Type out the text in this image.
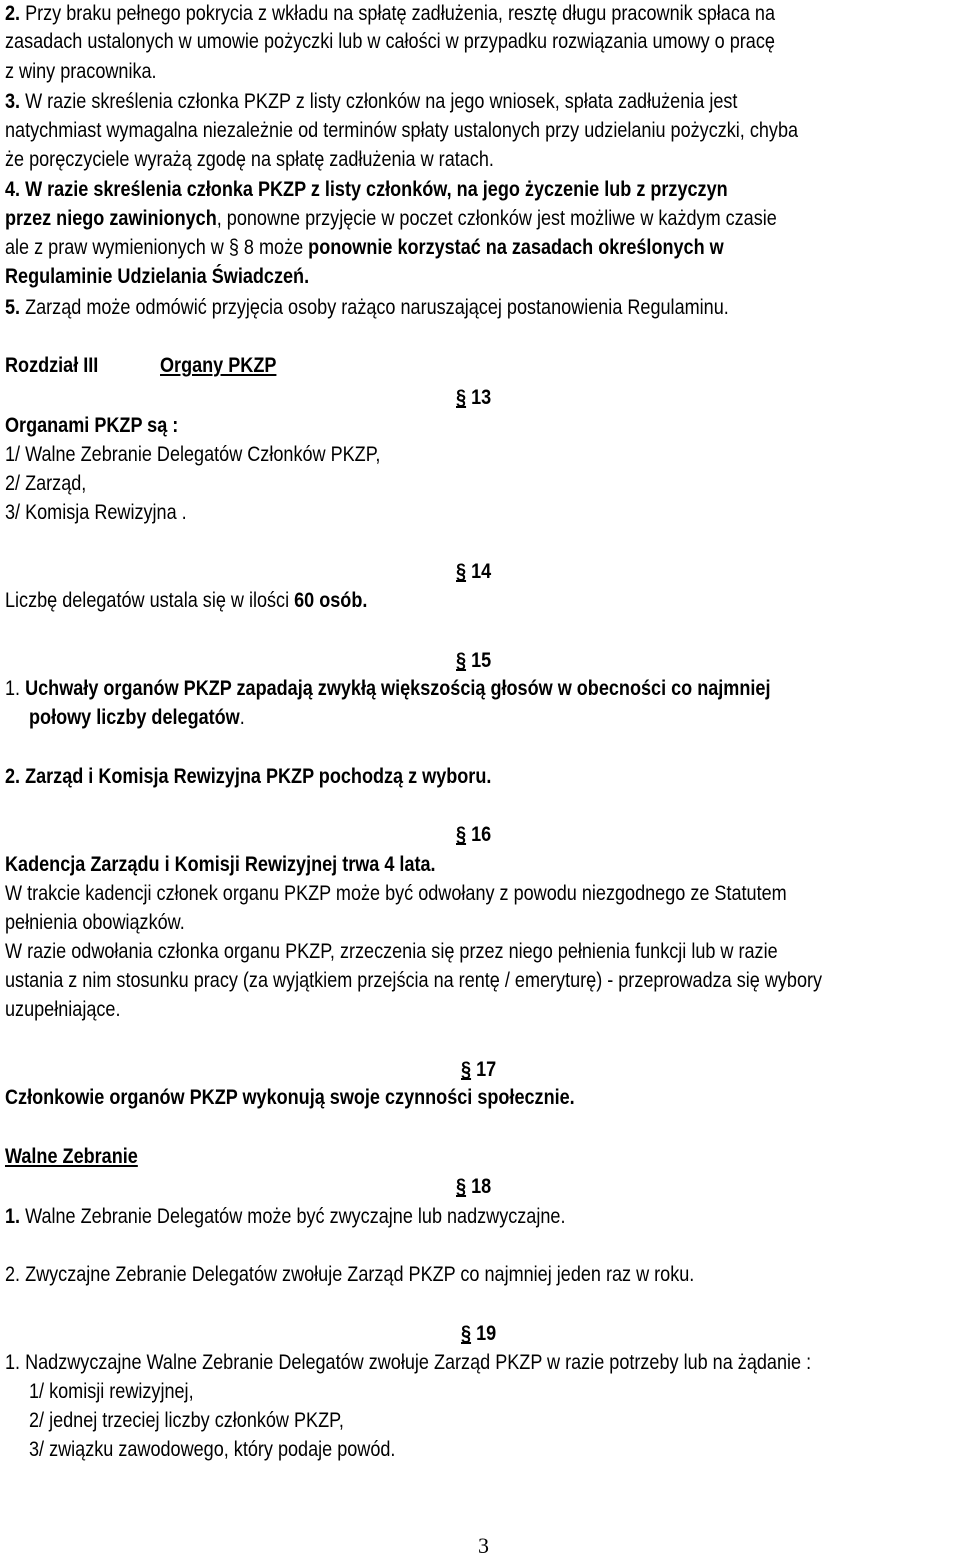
2. Przy braku pełnego pokrycia z wkładu na spłatę zadłużenia, resztę długu pracownik spłaca na
zasadach ustalonych w umowie pożyczki lub w całości w przypadku rozwiązania umowy o pracę
z winy pracownika.
3. W razie skreślenia członka PKZP z listy członków na jego wniosek, spłata zadłużenia jest
natychmiast wymagalna niezależnie od terminów spłaty ustalonych przy udzielaniu pożyczki, chyba
że poręczyciele wyrażą zgodę na spłatę zadłużenia w ratach.
4. W razie skreślenia członka PKZP z listy członków, na jego życzenie lub z przyczyn
przez niego zawinionych, ponowne przyjęcie w poczet członków jest możliwe w każdym czasie
ale z praw wymienionych w § 8 może ponownie korzystać na zasadach określonych w
Regulaminie Udzielania Świadczeń.
5. Zarząd może odmówić przyjęcia osoby rażąco naruszającej postanowienia Regulaminu.
Rozdział III	Organy PKZP
§ 13
Organami PKZP są :
1/ Walne Zebranie Delegatów Członków PKZP,
2/ Zarząd,
3/ Komisja Rewizyjna .
§ 14
Liczbę delegatów ustala się w ilości 60 osób.
§ 15
1. Uchwały organów PKZP zapadają zwykłą większością głosów w obecności co najmniej
połowy liczby delegatów.
2. Zarząd i Komisja Rewizyjna PKZP pochodzą z wyboru.
§ 16
Kadencja Zarządu i Komisji Rewizyjnej trwa 4 lata.
W trakcie kadencji członek organu PKZP może być odwołany z powodu niezgodnego ze Statutem
pełnienia obowiązków.
W razie odwołania członka organu PKZP, zrzeczenia się przez niego pełnienia funkcji lub w razie
ustania z nim stosunku pracy (za wyjątkiem przejścia na rentę / emeryturę) - przeprowadza się wybory
uzupełniające.
§ 17
Członkowie organów PKZP wykonują swoje czynności społecznie.
Walne Zebranie
§ 18
1. Walne Zebranie Delegatów może być zwyczajne lub nadzwyczajne.
2. Zwyczajne Zebranie Delegatów zwołuje Zarząd PKZP co najmniej jeden raz w roku.
§ 19
1. Nadzwyczajne Walne Zebranie Delegatów zwołuje Zarząd PKZP w razie potrzeby lub na żądanie :
1/ komisji rewizyjnej,
2/ jednej trzeciej liczby członków PKZP,
3/ związku zawodowego, który podaje powód.
3
